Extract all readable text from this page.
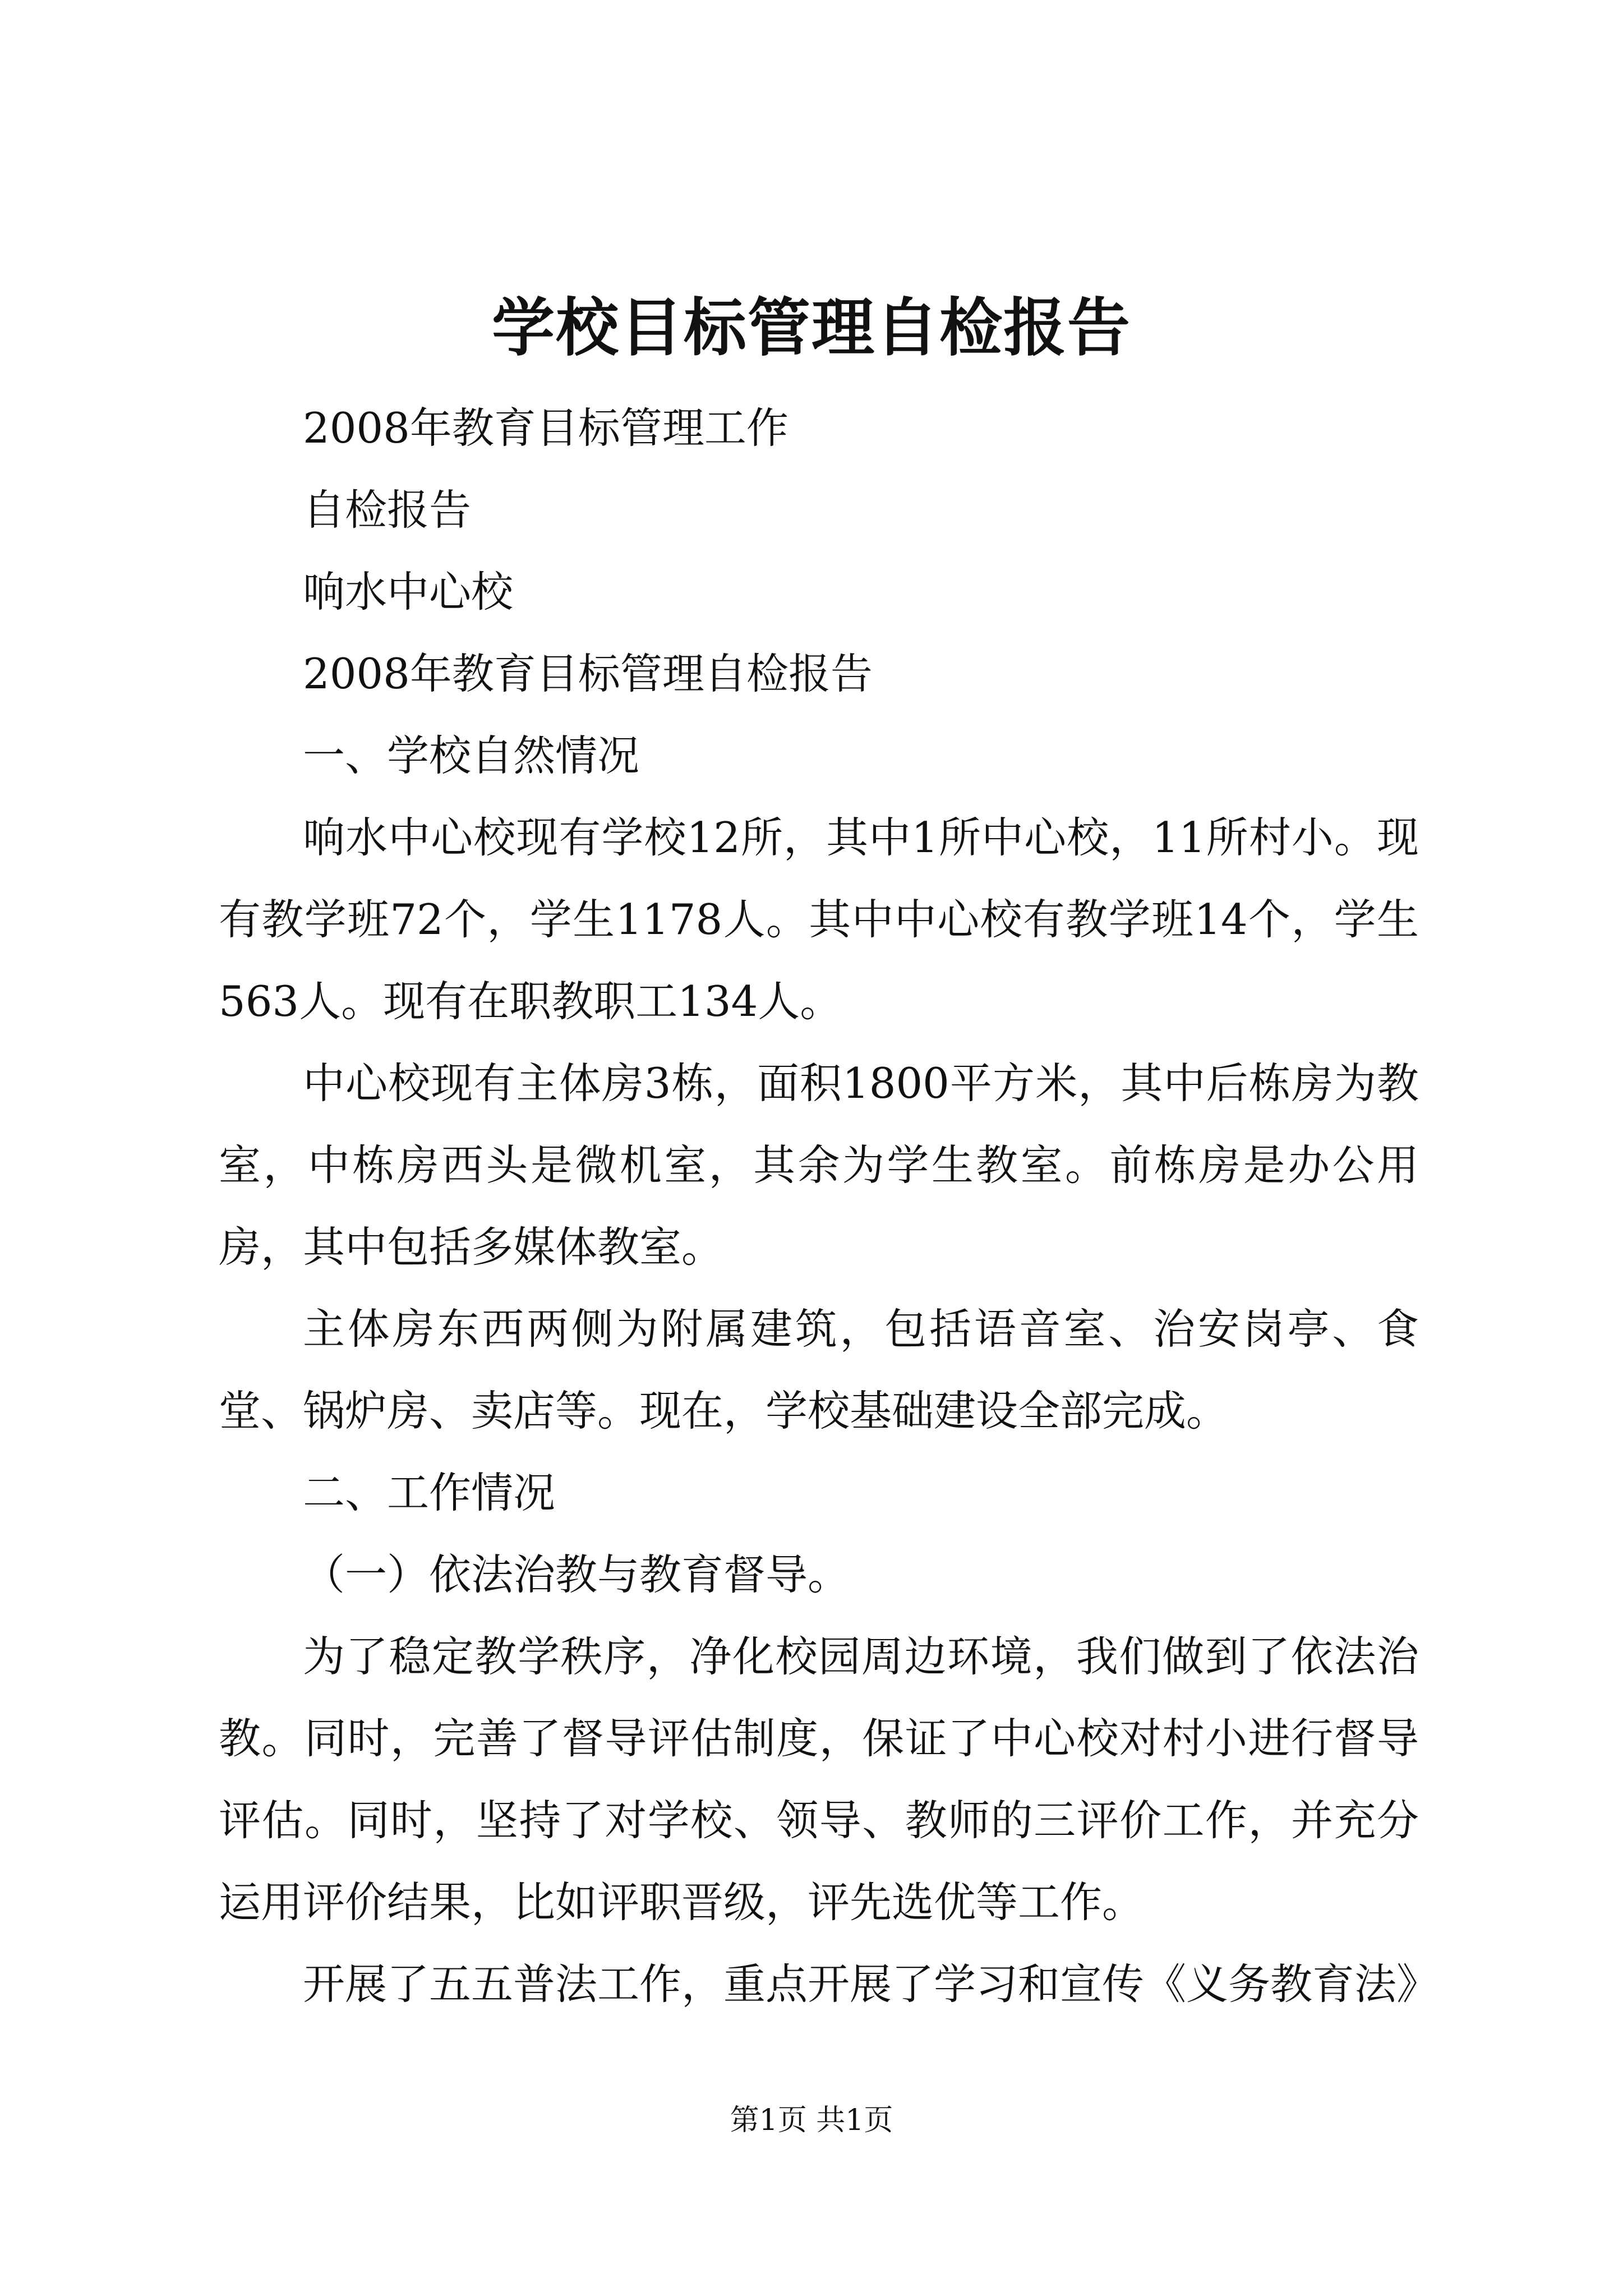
学校目标管理自检报告

2008年教育目标管理工作

自检报告

响水中心校

2008年教育目标管理自检报告

一、学校自然情况

响水中心校现有学校12所，其中1所中心校，11所村小。现有教学班72个，学生1178人。其中中心校有教学班14个，学生563人。现有在职教职工134人。

中心校现有主体房3栋，面积1800平方米，其中后栋房为教室，中栋房西头是微机室，其余为学生教室。前栋房是办公用房，其中包括多媒体教室。

主体房东西两侧为附属建筑，包括语音室、治安岗亭、食堂、锅炉房、卖店等。现在，学校基础建设全部完成。

二、工作情况

（一）依法治教与教育督导。

为了稳定教学秩序，净化校园周边环境，我们做到了依法治教。同时，完善了督导评估制度，保证了中心校对村小进行督导评估。同时，坚持了对学校、领导、教师的三评价工作，并充分运用评价结果，比如评职晋级，评先选优等工作。

开展了五五普法工作，重点开展了学习和宣传《义务教育法》

第1页 共1页
